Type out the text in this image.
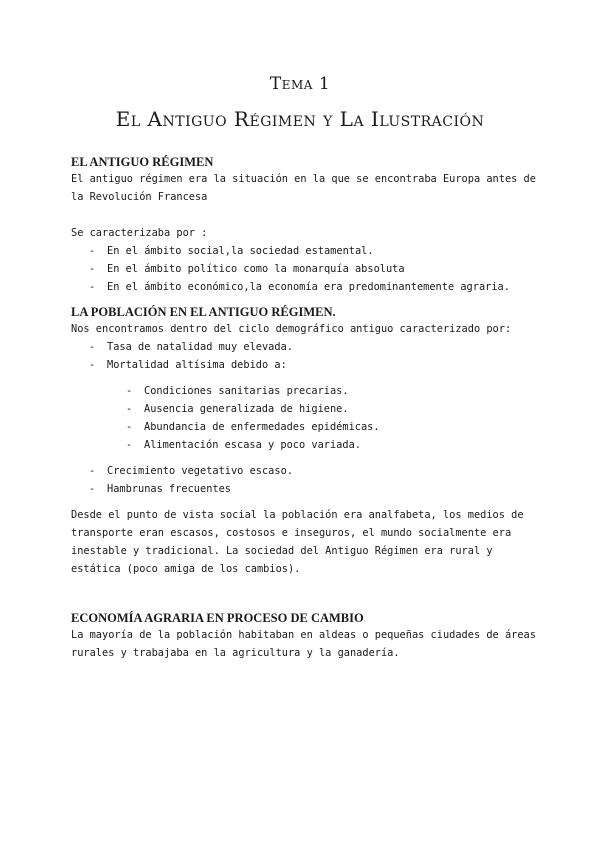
Tema 1
El Antiguo Régimen y La Ilustración
EL ANTIGUO RÉGIMEN

El antiguo régimen era la situación en la que se encontraba Europa antes de la Revolución Francesa

Se caracterizaba por :

- En el ámbito social,la sociedad estamental.
- En el ámbito político como la monarquía absoluta
- En el ámbito económico,la economía era predominantemente agraria.
LA POBLACIÓN EN EL ANTIGUO RÉGIMEN.

Nos encontramos dentro del ciclo demográfico antiguo caracterizado por:

- Tasa de natalidad muy elevada.
- Mortalidad altísima debido a:
- Condiciones sanitarias precarias.
- Ausencia generalizada de higiene.
- Abundancia de enfermedades epidémicas.
- Alimentación escasa y poco variada.
- Crecimiento vegetativo escaso.
- Hambrunas frecuentes

Desde el punto de vista social la población era analfabeta, los medios de transporte eran escasos, costosos e inseguros, el mundo socialmente era inestable y tradicional. La sociedad del Antiguo Régimen era rural y estática (poco amiga de los cambios).

ECONOMÍA AGRARIA EN PROCESO DE CAMBIO

La mayoría de la población habitaban en aldeas o pequeñas ciudades de áreas rurales y trabajaba en la agricultura y la ganadería.
